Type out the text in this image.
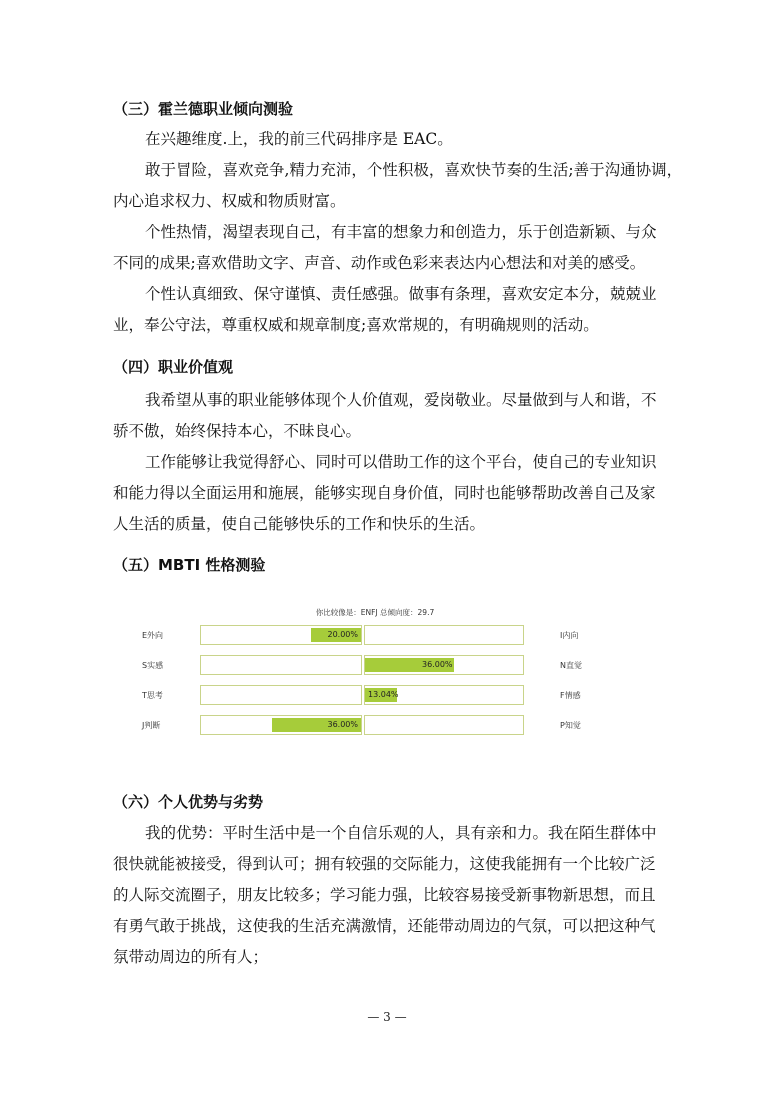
（三）霍兰德职业倾向测验
在兴趣维度.上，我的前三代码排序是 EAC。
敢于冒险，喜欢竞争,精力充沛，个性积极，喜欢快节奏的生活;善于沟通协调，
内心追求权力、权威和物质财富。
个性热情，渴望表现自己，有丰富的想象力和创造力，乐于创造新颖、与众
不同的成果;喜欢借助文字、声音、动作或色彩来表达内心想法和对美的感受。
个性认真细致、保守谨慎、责任感强。做事有条理，喜欢安定本分，兢兢业
业，奉公守法，尊重权威和规章制度;喜欢常规的，有明确规则的活动。
（四）职业价值观
我希望从事的职业能够体现个人价值观，爱岗敬业。尽量做到与人和谐，不
骄不傲，始终保持本心，不昧良心。
工作能够让我觉得舒心、同时可以借助工作的这个平台，使自己的专业知识
和能力得以全面运用和施展，能够实现自身价值，同时也能够帮助改善自己及家
人生活的质量，使自己能够快乐的工作和快乐的生活。
（五）MBTI 性格测验
你比较像是：ENFJ 总倾向度：29.7
E外向	20.00%	I内向
S实感	36.00%	N直觉
T思考	13.04%	F情感
J判断	36.00%	P知觉
（六）个人优势与劣势
我的优势：平时生活中是一个自信乐观的人，具有亲和力。我在陌生群体中
很快就能被接受，得到认可；拥有较强的交际能力，这使我能拥有一个比较广泛
的人际交流圈子，朋友比较多；学习能力强，比较容易接受新事物新思想，而且
有勇气敢于挑战，这使我的生活充满激情，还能带动周边的气氛，可以把这种气
氛带动周边的所有人；
— 3 —
